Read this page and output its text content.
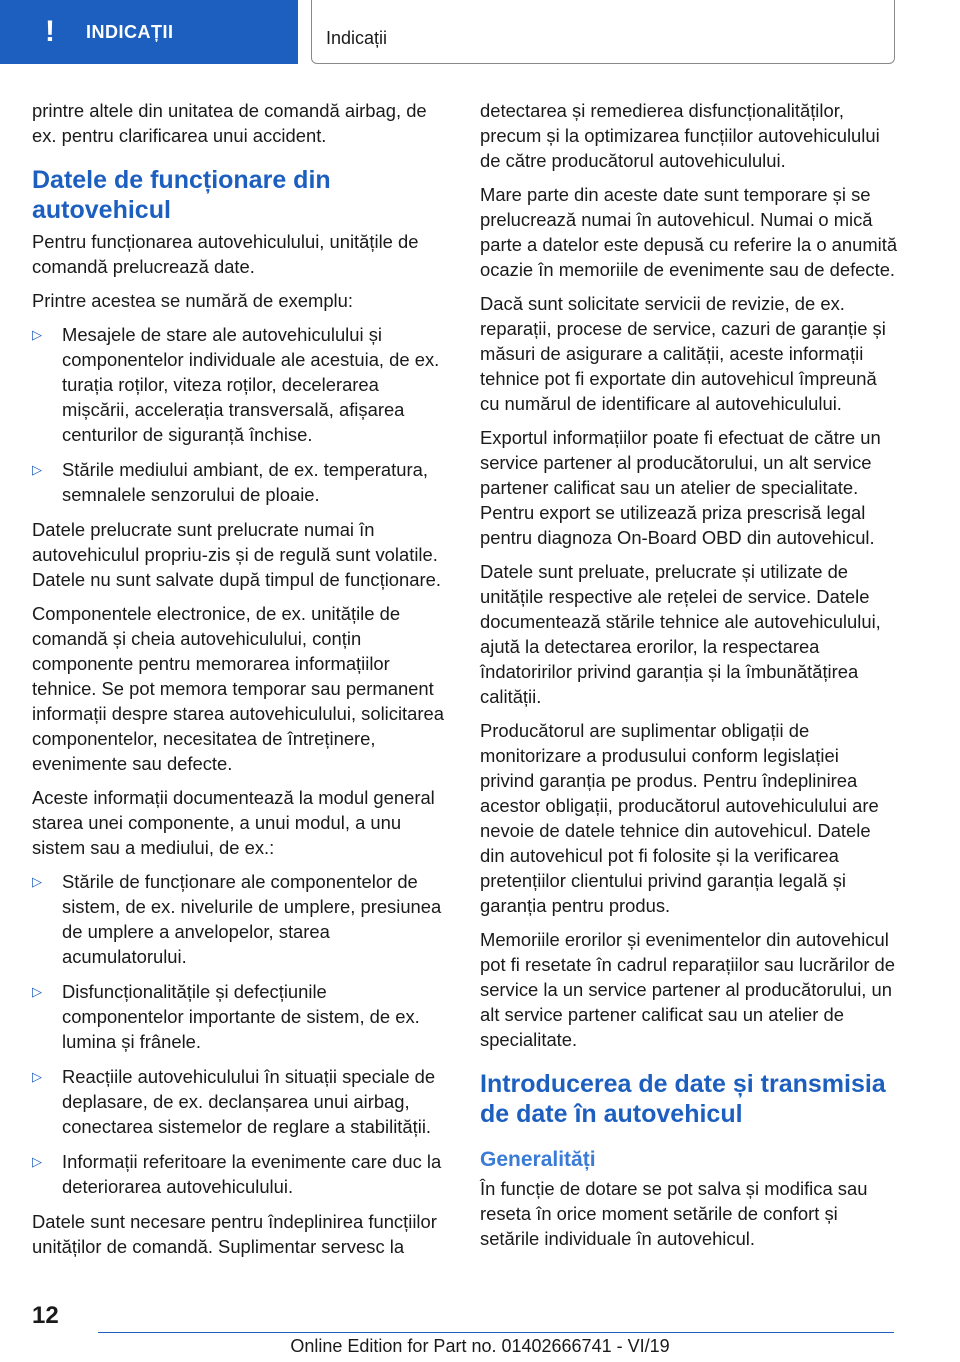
! INDICAȚII	Indicații

printre altele din unitatea de comandă airbag, de ex. pentru clarificarea unui accident.

Datele de funcționare din autovehicul

Pentru funcționarea autovehiculului, unitățile de comandă prelucrează date.

Printre acestea se numără de exemplu:

▷ Mesajele de stare ale autovehiculului și componentelor individuale ale acestuia, de ex. turația roților, viteza roților, decelerarea mișcării, accelerația transversală, afișarea centurilor de siguranță închise.
▷ Stările mediului ambiant, de ex. temperatura, semnalele senzorului de ploaie.

Datele prelucrate sunt prelucrate numai în autovehiculul propriu-zis și de regulă sunt volatile. Datele nu sunt salvate după timpul de funcționare.

Componentele electronice, de ex. unitățile de comandă și cheia autovehiculului, conțin componente pentru memorarea informațiilor tehnice. Se pot memora temporar sau permanent informații despre starea autovehiculului, solicitarea componentelor, necesitatea de întreținere, evenimente sau defecte.

Aceste informații documentează la modul general starea unei componente, a unui modul, a unu sistem sau a mediului, de ex.:

▷ Stările de funcționare ale componentelor de sistem, de ex. nivelurile de umplere, presiunea de umplere a anvelopelor, starea acumulatorului.
▷ Disfuncționalitățile și defecțiunile componentelor importante de sistem, de ex. lumina și frânele.
▷ Reacțiile autovehiculului în situații speciale de deplasare, de ex. declanșarea unui airbag, conectarea sistemelor de reglare a stabilității.
▷ Informații referitoare la evenimente care duc la deteriorarea autovehiculului.

Datele sunt necesare pentru îndeplinirea funcțiilor unităților de comandă. Suplimentar servesc la

detectarea și remedierea disfuncționalităților, precum și la optimizarea funcțiilor autovehiculului de către producătorul autovehiculului.

Mare parte din aceste date sunt temporare și se prelucrează numai în autovehicul. Numai o mică parte a datelor este depusă cu referire la o anumită ocazie în memoriile de evenimente sau de defecte.

Dacă sunt solicitate servicii de revizie, de ex. reparații, procese de service, cazuri de garanție și măsuri de asigurare a calității, aceste informații tehnice pot fi exportate din autovehicul împreună cu numărul de identificare al autovehiculului.

Exportul informațiilor poate fi efectuat de către un service partener al producătorului, un alt service partener calificat sau un atelier de specialitate. Pentru export se utilizează priza prescrisă legal pentru diagnoza On-Board OBD din autovehicul.

Datele sunt preluate, prelucrate și utilizate de unitățile respective ale rețelei de service. Datele documentează stările tehnice ale autovehiculului, ajută la detectarea erorilor, la respectarea îndatoririlor privind garanția și la îmbunătățirea calității.

Producătorul are suplimentar obligații de monitorizare a produsului conform legislației privind garanția pe produs. Pentru îndeplinirea acestor obligații, producătorul autovehiculului are nevoie de datele tehnice din autovehicul. Datele din autovehicul pot fi folosite și la verificarea pretențiilor clientului privind garanția legală și garanția pentru produs.

Memoriile erorilor și evenimentelor din autovehicul pot fi resetate în cadrul reparațiilor sau lucrărilor de service la un service partener al producătorului, un alt service partener calificat sau un atelier de specialitate.

Introducerea de date și transmisia de date în autovehicul
Generalități

În funcție de dotare se pot salva și modifica sau reseta în orice moment setările de confort și setările individuale în autovehicul.

12
Online Edition for Part no. 01402666741 - VI/19
